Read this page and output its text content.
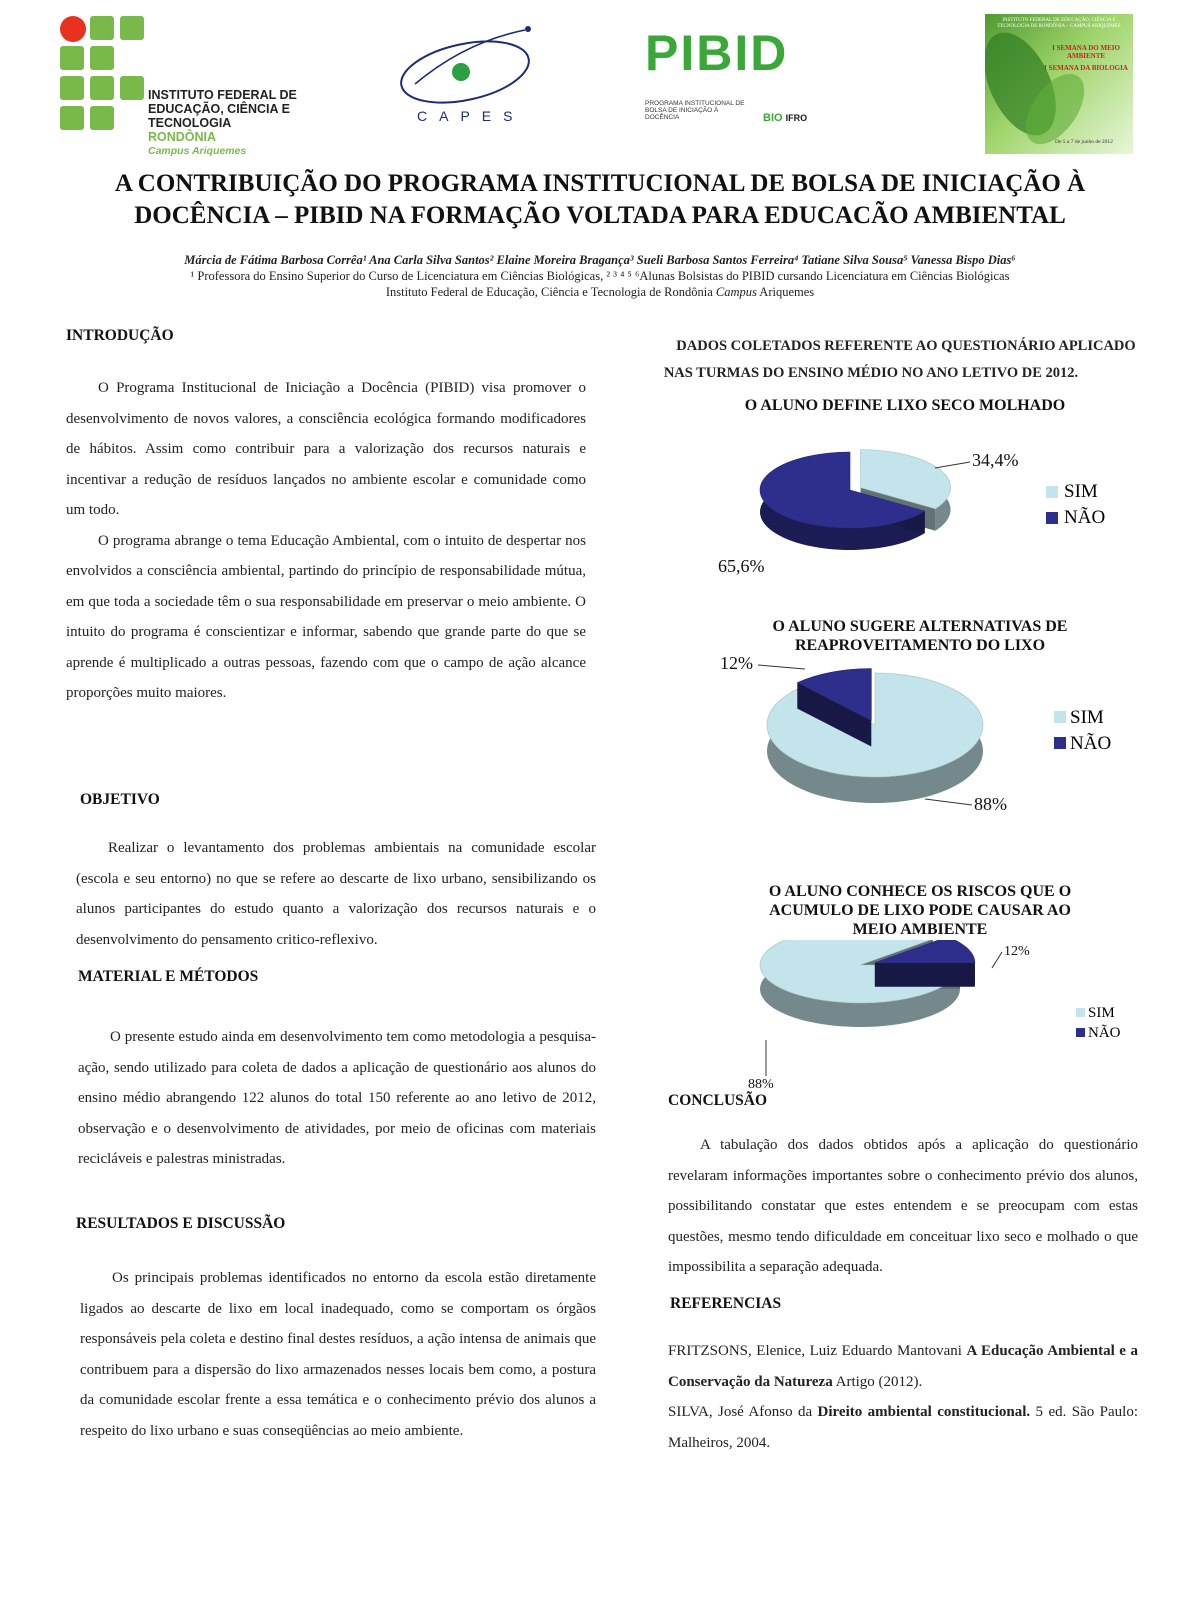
INSTITUTO FEDERAL DE
EDUCAÇÃO, CIÊNCIA E TECNOLOGIA
RONDÔNIA
Campus Ariquemes
CAPES
PIBID
PROGRAMA INSTITUCIONAL DE BOLSA DE INICIAÇÃO À DOCÊNCIA	BIO IFRO
INSTITUTO FEDERAL DE EDUCAÇÃO, CIÊNCIA E TECNOLOGIA DE RONDÔNIA – CAMPUS ARIQUEMES
I SEMANA DO MEIO AMBIENTE
I SEMANA DA BIOLOGIA
De 5 a 7 de junho de 2012
A CONTRIBUIÇÃO DO PROGRAMA INSTITUCIONAL DE BOLSA DE INICIAÇÃO À
DOCÊNCIA – PIBID NA FORMAÇÃO VOLTADA PARA EDUCACÃO AMBIENTAL
Márcia de Fátima Barbosa Corrêa¹ Ana Carla Silva Santos² Elaine Moreira Bragança³ Sueli Barbosa Santos Ferreira⁴ Tatiane Silva Sousa⁵ Vanessa Bispo Dias⁶
¹ Professora do Ensino Superior do Curso de Licenciatura em Ciências Biológicas, ² ³ ⁴ ⁵ ⁶Alunas Bolsistas do PIBID cursando Licenciatura em Ciências Biológicas
Instituto Federal de Educação, Ciência e Tecnologia de Rondônia Campus Ariquemes
INTRODUÇÃO

O Programa Institucional de Iniciação a Docência (PIBID) visa promover o desenvolvimento de novos valores, a consciência ecológica formando modificadores de hábitos. Assim como contribuir para a valorização dos recursos naturais e incentivar a redução de resíduos lançados no ambiente escolar e comunidade como um todo.

O programa abrange o tema Educação Ambiental, com o intuito de despertar nos envolvidos a consciência ambiental, partindo do princípio de responsabilidade mútua, em que toda a sociedade têm o sua responsabilidade em preservar o meio ambiente. O intuito do programa é conscientizar e informar, sabendo que grande parte do que se aprende é multiplicado a outras pessoas, fazendo com que o campo de ação alcance proporções muito maiores.

OBJETIVO

Realizar o levantamento dos problemas ambientais na comunidade escolar (escola e seu entorno) no que se refere ao descarte de lixo urbano, sensibilizando os alunos participantes do estudo quanto a valorização dos recursos naturais e o desenvolvimento do pensamento critico-reflexivo.

MATERIAL E MÉTODOS

O presente estudo ainda em desenvolvimento tem como metodologia a pesquisa-ação, sendo utilizado para coleta de dados a aplicação de questionário aos alunos do ensino médio abrangendo 122 alunos do total 150 referente ao ano letivo de 2012, observação e o desenvolvimento de atividades, por meio de oficinas com materiais recicláveis e palestras ministradas.

RESULTADOS E DISCUSSÃO

Os principais problemas identificados no entorno da escola estão diretamente ligados ao descarte de lixo em local inadequado, como se comportam os órgãos responsáveis pela coleta e destino final destes resíduos, a ação intensa de animais que contribuem para a dispersão do lixo armazenados nesses locais bem como, a postura da comunidade escolar frente a essa temática e o conhecimento prévio dos alunos a respeito do lixo urbano e suas conseqüências ao meio ambiente.

DADOS COLETADOS REFERENTE AO QUESTIONÁRIO APLICADO
NAS TURMAS DO ENSINO MÉDIO NO ANO LETIVO DE 2012.
O ALUNO DEFINE LIXO SECO MOLHADO
34,4%
65,6%
SIM
NÃO
O ALUNO SUGERE ALTERNATIVAS DE REAPROVEITAMENTO DO LIXO
12%
88%
SIM
NÃO
O ALUNO CONHECE OS RISCOS QUE O ACUMULO DE LIXO PODE CAUSAR AO MEIO AMBIENTE
12%
88%
SIM
NÃO
CONCLUSÃO

A tabulação dos dados obtidos após a aplicação do questionário revelaram informações importantes sobre o conhecimento prévio dos alunos, possibilitando constatar que estes entendem e se preocupam com estas questões, mesmo tendo dificuldade em conceituar lixo seco e molhado o que impossibilita a separação adequada.

REFERENCIAS

FRITZSONS, Elenice, Luiz Eduardo Mantovani A Educação Ambiental e a Conservação da Natureza Artigo (2012).

SILVA, José Afonso da Direito ambiental constitucional. 5 ed. São Paulo: Malheiros, 2004.
